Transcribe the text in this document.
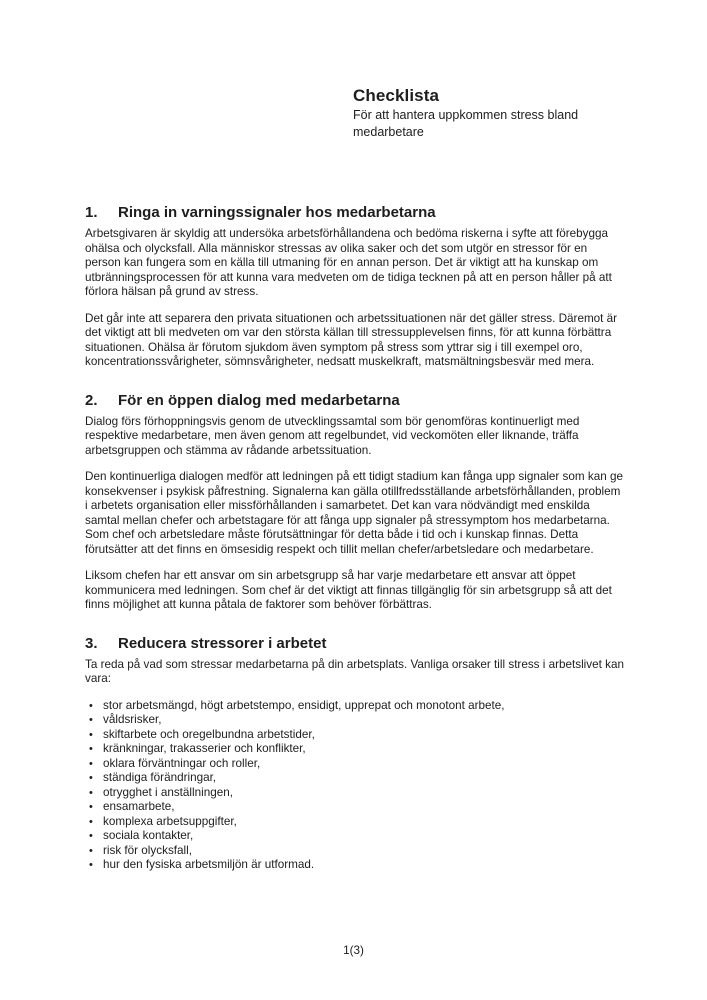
Checklista
För att hantera uppkommen stress bland medarbetare
1.	Ringa in varningssignaler hos medarbetarna

Arbetsgivaren är skyldig att undersöka arbetsförhållandena och bedöma riskerna i syfte att förebygga ohälsa och olycksfall. Alla människor stressas av olika saker och det som utgör en stressor för en person kan fungera som en källa till utmaning för en annan person. Det är viktigt att ha kunskap om utbränningsprocessen för att kunna vara medveten om de tidiga tecknen på att en person håller på att förlora hälsan på grund av stress.

Det går inte att separera den privata situationen och arbetssituationen när det gäller stress. Däremot är det viktigt att bli medveten om var den största källan till stressupplevelsen finns, för att kunna förbättra situationen. Ohälsa är förutom sjukdom även symptom på stress som yttrar sig i till exempel oro, koncentrationssvårigheter, sömnsvårigheter, nedsatt muskelkraft, matsmältningsbesvär med mera.

2.	För en öppen dialog med medarbetarna

Dialog förs förhoppningsvis genom de utvecklingssamtal som bör genomföras kontinuerligt med respektive medarbetare, men även genom att regelbundet, vid veckomöten eller liknande, träffa arbetsgruppen och stämma av rådande arbetssituation.

Den kontinuerliga dialogen medför att ledningen på ett tidigt stadium kan fånga upp signaler som kan ge konsekvenser i psykisk påfrestning. Signalerna kan gälla otillfredsställande arbetsförhållanden, problem i arbetets organisation eller missförhållanden i samarbetet. Det kan vara nödvändigt med enskilda samtal mellan chefer och arbetstagare för att fånga upp signaler på stressymptom hos medarbetarna. Som chef och arbetsledare måste förutsättningar för detta både i tid och i kunskap finnas. Detta förutsätter att det finns en ömsesidig respekt och tillit mellan chefer/arbetsledare och medarbetare.

Liksom chefen har ett ansvar om sin arbetsgrupp så har varje medarbetare ett ansvar att öppet kommunicera med ledningen. Som chef är det viktigt att finnas tillgänglig för sin arbetsgrupp så att det finns möjlighet att kunna påtala de faktorer som behöver förbättras.

3.	Reducera stressorer i arbetet

Ta reda på vad som stressar medarbetarna på din arbetsplats. Vanliga orsaker till stress i arbetslivet kan vara:

• stor arbetsmängd, högt arbetstempo, ensidigt, upprepat och monotont arbete,
• våldsrisker,
• skiftarbete och oregelbundna arbetstider,
• kränkningar, trakasserier och konflikter,
• oklara förväntningar och roller,
• ständiga förändringar,
• otrygghet i anställningen,
• ensamarbete,
• komplexa arbetsuppgifter,
• sociala kontakter,
• risk för olycksfall,
• hur den fysiska arbetsmiljön är utformad.
1(3)
